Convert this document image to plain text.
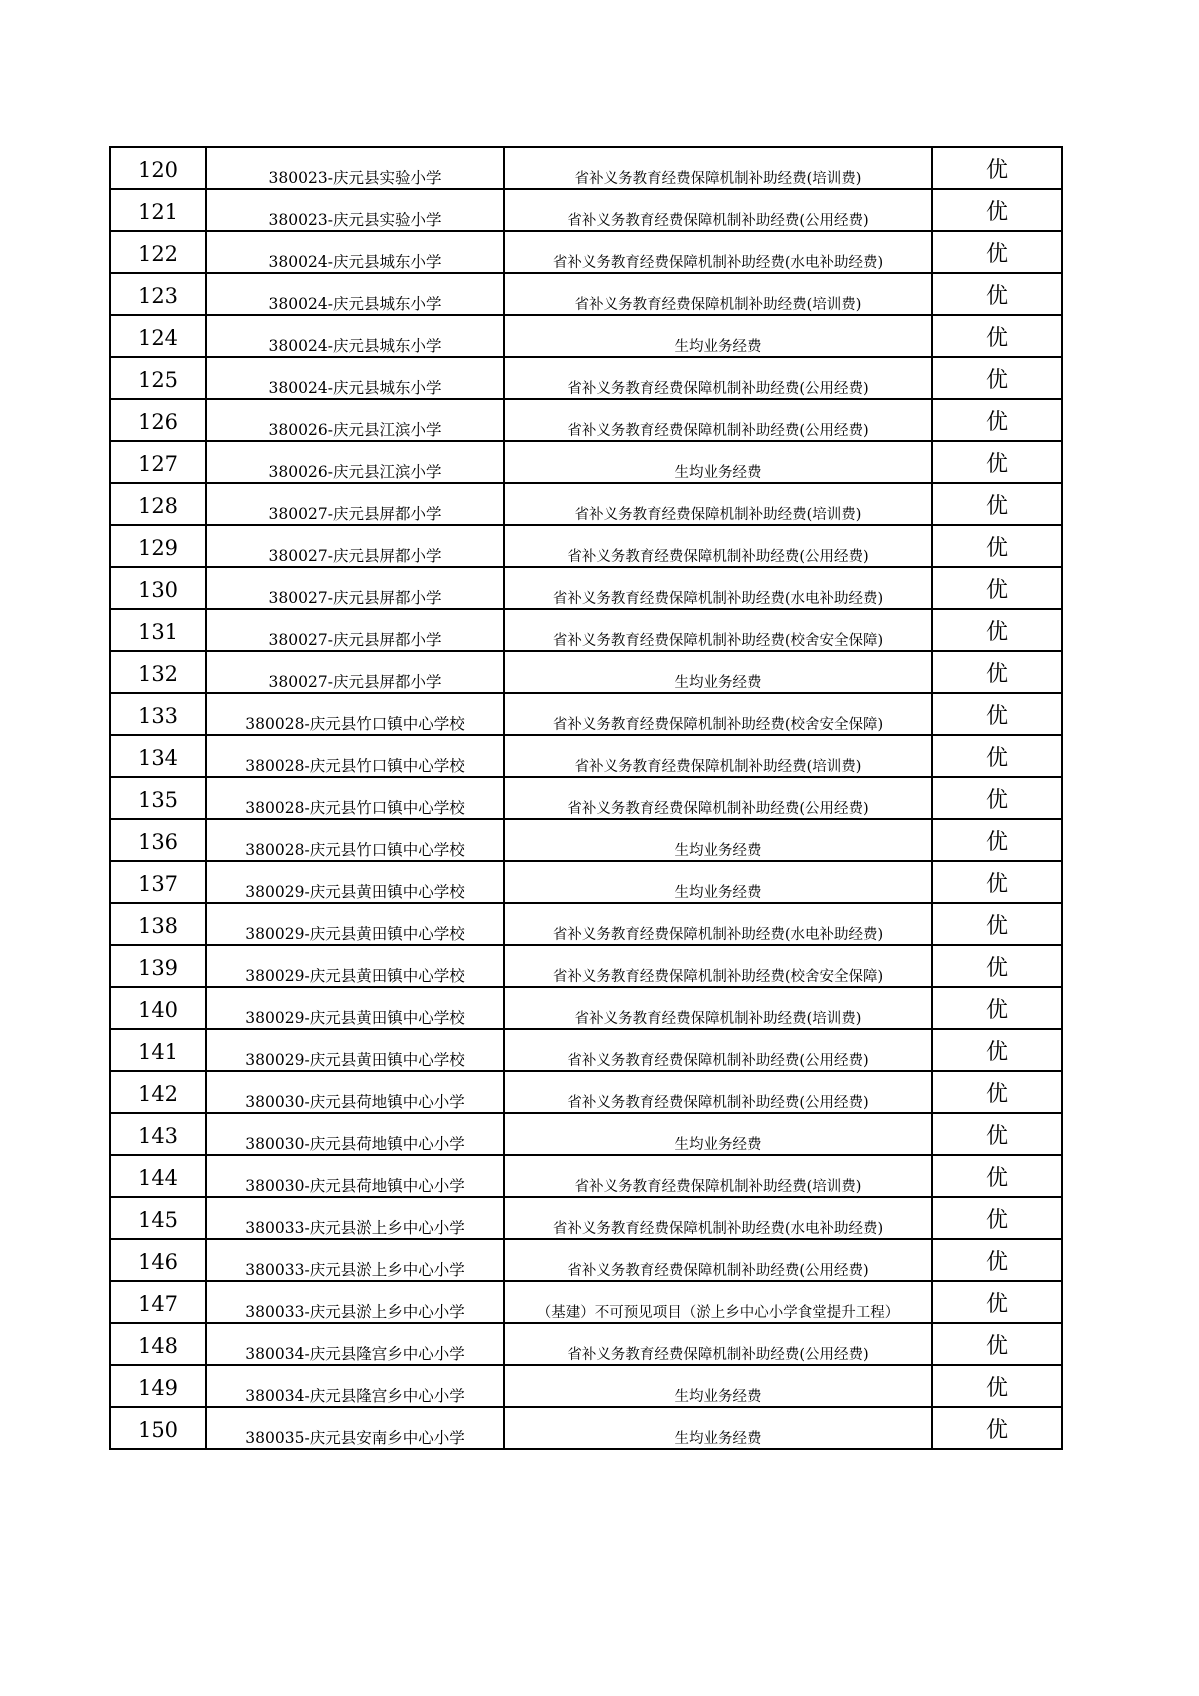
120	380023-庆元县实验小学	省补义务教育经费保障机制补助经费(培训费)	优
121	380023-庆元县实验小学	省补义务教育经费保障机制补助经费(公用经费)	优
122	380024-庆元县城东小学	省补义务教育经费保障机制补助经费(水电补助经费)	优
123	380024-庆元县城东小学	省补义务教育经费保障机制补助经费(培训费)	优
124	380024-庆元县城东小学	生均业务经费	优
125	380024-庆元县城东小学	省补义务教育经费保障机制补助经费(公用经费)	优
126	380026-庆元县江滨小学	省补义务教育经费保障机制补助经费(公用经费)	优
127	380026-庆元县江滨小学	生均业务经费	优
128	380027-庆元县屏都小学	省补义务教育经费保障机制补助经费(培训费)	优
129	380027-庆元县屏都小学	省补义务教育经费保障机制补助经费(公用经费)	优
130	380027-庆元县屏都小学	省补义务教育经费保障机制补助经费(水电补助经费)	优
131	380027-庆元县屏都小学	省补义务教育经费保障机制补助经费(校舍安全保障)	优
132	380027-庆元县屏都小学	生均业务经费	优
133	380028-庆元县竹口镇中心学校	省补义务教育经费保障机制补助经费(校舍安全保障)	优
134	380028-庆元县竹口镇中心学校	省补义务教育经费保障机制补助经费(培训费)	优
135	380028-庆元县竹口镇中心学校	省补义务教育经费保障机制补助经费(公用经费)	优
136	380028-庆元县竹口镇中心学校	生均业务经费	优
137	380029-庆元县黄田镇中心学校	生均业务经费	优
138	380029-庆元县黄田镇中心学校	省补义务教育经费保障机制补助经费(水电补助经费)	优
139	380029-庆元县黄田镇中心学校	省补义务教育经费保障机制补助经费(校舍安全保障)	优
140	380029-庆元县黄田镇中心学校	省补义务教育经费保障机制补助经费(培训费)	优
141	380029-庆元县黄田镇中心学校	省补义务教育经费保障机制补助经费(公用经费)	优
142	380030-庆元县荷地镇中心小学	省补义务教育经费保障机制补助经费(公用经费)	优
143	380030-庆元县荷地镇中心小学	生均业务经费	优
144	380030-庆元县荷地镇中心小学	省补义务教育经费保障机制补助经费(培训费)	优
145	380033-庆元县淤上乡中心小学	省补义务教育经费保障机制补助经费(水电补助经费)	优
146	380033-庆元县淤上乡中心小学	省补义务教育经费保障机制补助经费(公用经费)	优
147	380033-庆元县淤上乡中心小学	（基建）不可预见项目（淤上乡中心小学食堂提升工程）	优
148	380034-庆元县隆宫乡中心小学	省补义务教育经费保障机制补助经费(公用经费)	优
149	380034-庆元县隆宫乡中心小学	生均业务经费	优
150	380035-庆元县安南乡中心小学	生均业务经费	优
